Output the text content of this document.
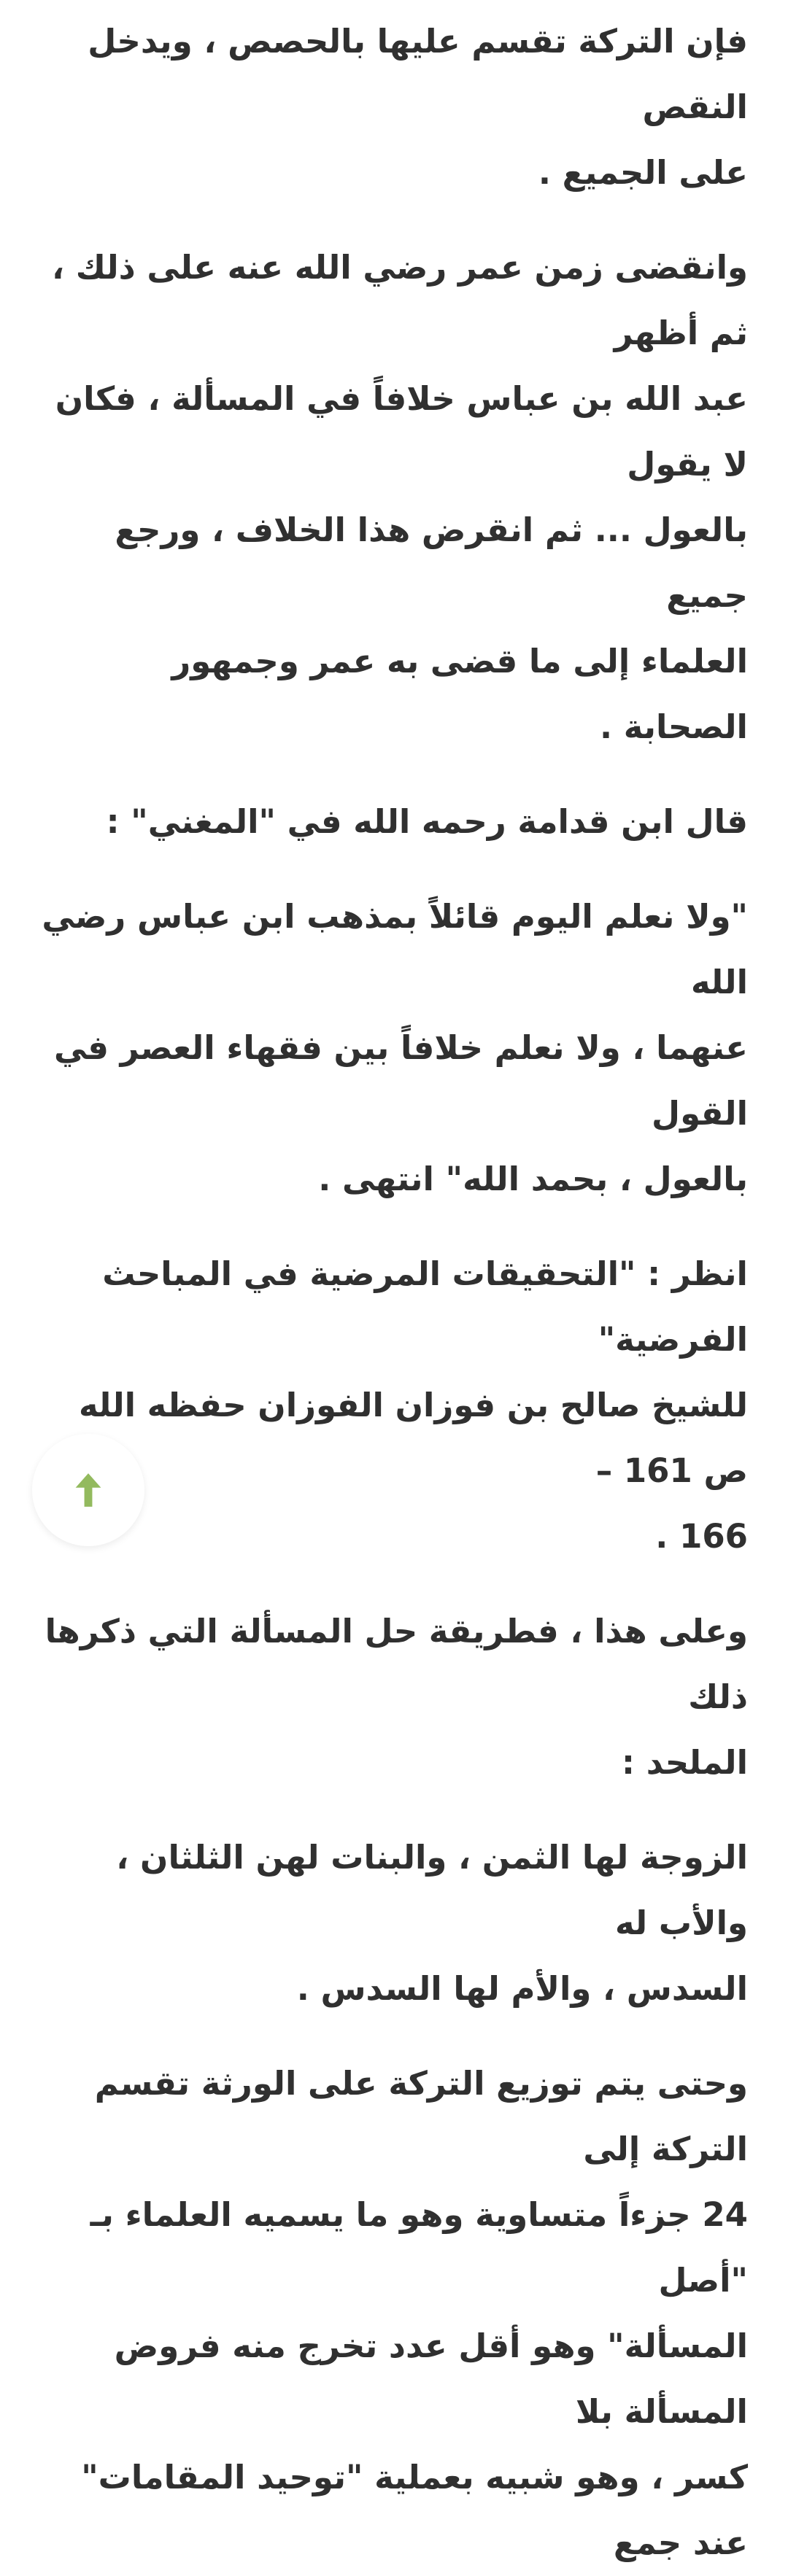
فإن التركة تقسم عليها بالحصص ، ويدخل النقص
على الجميع .

وانقضى زمن عمر رضي الله عنه على ذلك ، ثم أظهر
عبد الله بن عباس خلافاً في المسألة ، فكان لا يقول
بالعول ... ثم انقرض هذا الخلاف ، ورجع جميع
العلماء إلى ما قضى به عمر وجمهور الصحابة .

قال ابن قدامة رحمه الله في "المغني" :

"ولا نعلم اليوم قائلاً بمذهب ابن عباس رضي الله
عنهما ، ولا نعلم خلافاً بين فقهاء العصر في القول
بالعول ، بحمد الله" انتهى .

انظر : "التحقيقات المرضية في المباحث الفرضية"
للشيخ صالح بن فوزان الفوزان حفظه الله ص 161 –
166 .

وعلى هذا ، فطريقة حل المسألة التي ذكرها ذلك
الملحد :

الزوجة لها الثمن ، والبنات لهن الثلثان ، والأب له
السدس ، والأم لها السدس .

وحتى يتم توزيع التركة على الورثة تقسم التركة إلى
24 جزءاً متساوية وهو ما يسميه العلماء بـ "أصل
المسألة" وهو أقل عدد تخرج منه فروض المسألة بلا
كسر ، وهو شبيه بعملية "توحيد المقامات" عند جمع
